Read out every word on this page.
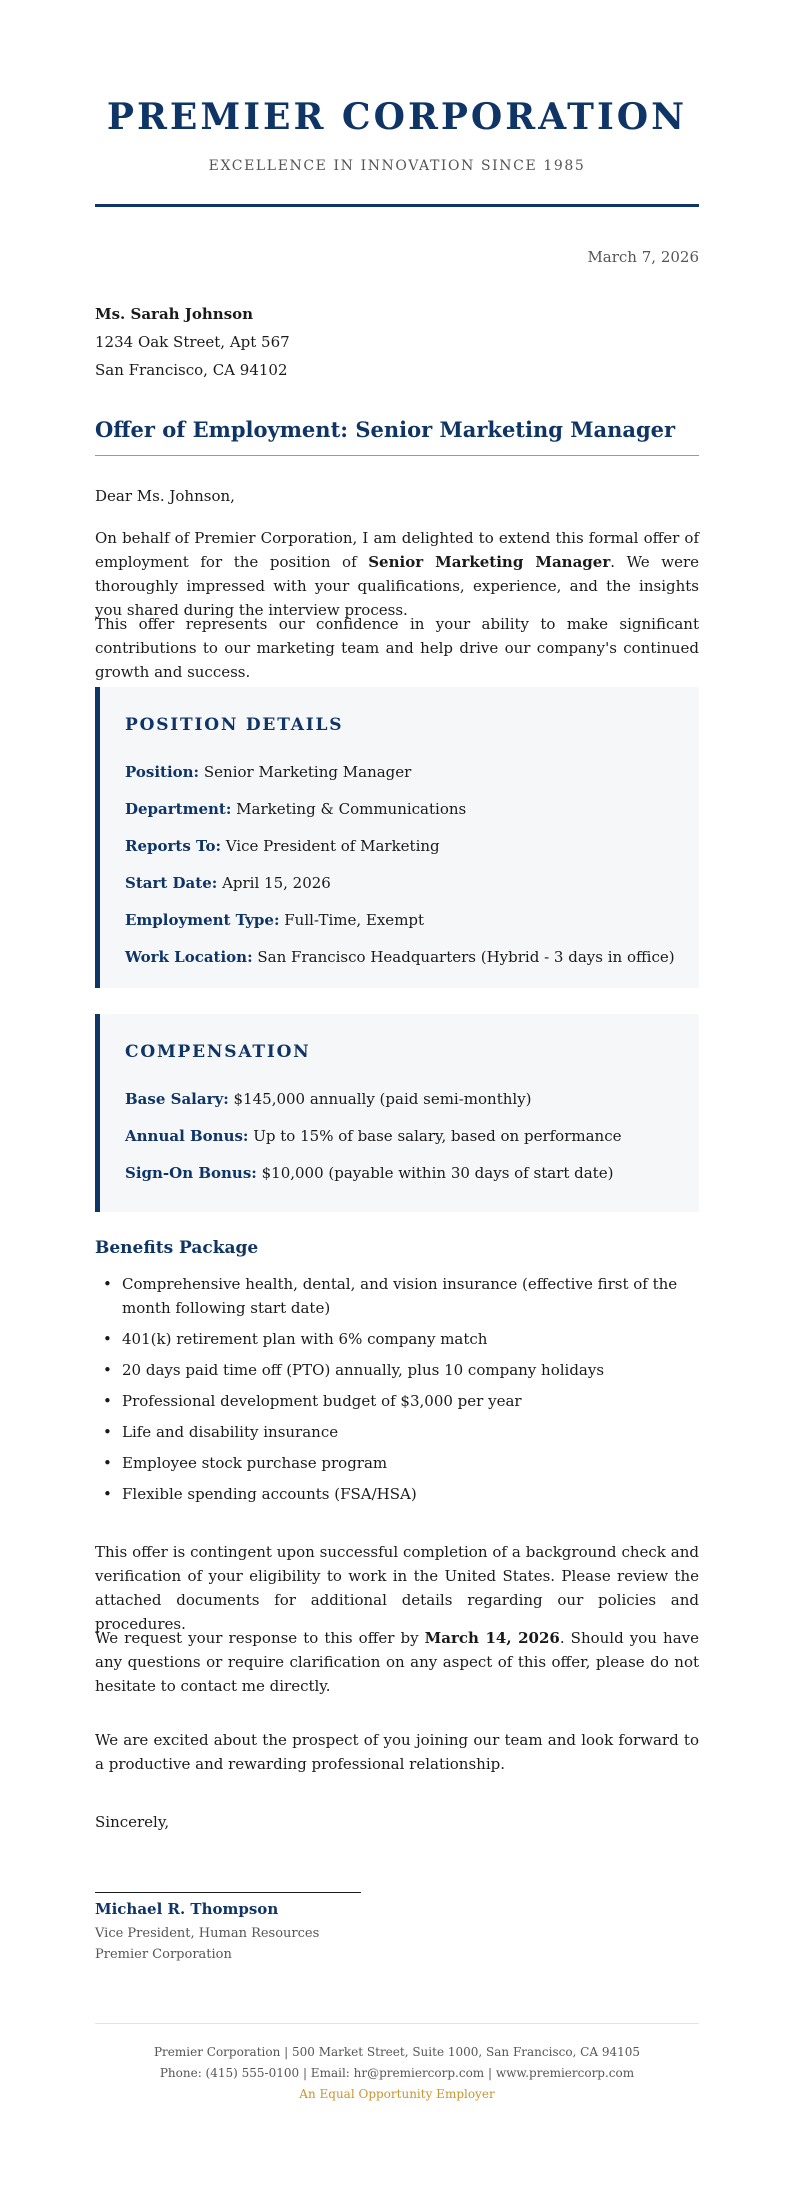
PREMIER CORPORATION
EXCELLENCE IN INNOVATION SINCE 1985
March 7, 2026
Ms. Sarah Johnson
1234 Oak Street, Apt 567
San Francisco, CA 94102
Offer of Employment: Senior Marketing Manager
Dear Ms. Johnson,
On behalf of Premier Corporation, I am delighted to extend this formal offer of employment for the position of Senior Marketing Manager. We were thoroughly impressed with your qualifications, experience, and the insights you shared during the interview process.
This offer represents our confidence in your ability to make significant contributions to our marketing team and help drive our company's continued growth and success.
POSITION DETAILS
Position: Senior Marketing Manager
Department: Marketing & Communications
Reports To: Vice President of Marketing
Start Date: April 15, 2026
Employment Type: Full-Time, Exempt
Work Location: San Francisco Headquarters (Hybrid - 3 days in office)
COMPENSATION
Base Salary: $145,000 annually (paid semi-monthly)
Annual Bonus: Up to 15% of base salary, based on performance
Sign-On Bonus: $10,000 (payable within 30 days of start date)
Benefits Package
• Comprehensive health, dental, and vision insurance (effective first of the month following start date)
• 401(k) retirement plan with 6% company match
• 20 days paid time off (PTO) annually, plus 10 company holidays
• Professional development budget of $3,000 per year
• Life and disability insurance
• Employee stock purchase program
• Flexible spending accounts (FSA/HSA)
This offer is contingent upon successful completion of a background check and verification of your eligibility to work in the United States. Please review the attached documents for additional details regarding our policies and procedures.
We request your response to this offer by March 14, 2026. Should you have any questions or require clarification on any aspect of this offer, please do not hesitate to contact me directly.
We are excited about the prospect of you joining our team and look forward to a productive and rewarding professional relationship.
Sincerely,
Michael R. Thompson
Vice President, Human Resources
Premier Corporation
Premier Corporation | 500 Market Street, Suite 1000, San Francisco, CA 94105
Phone: (415) 555-0100 | Email: hr@premiercorp.com | www.premiercorp.com
An Equal Opportunity Employer
